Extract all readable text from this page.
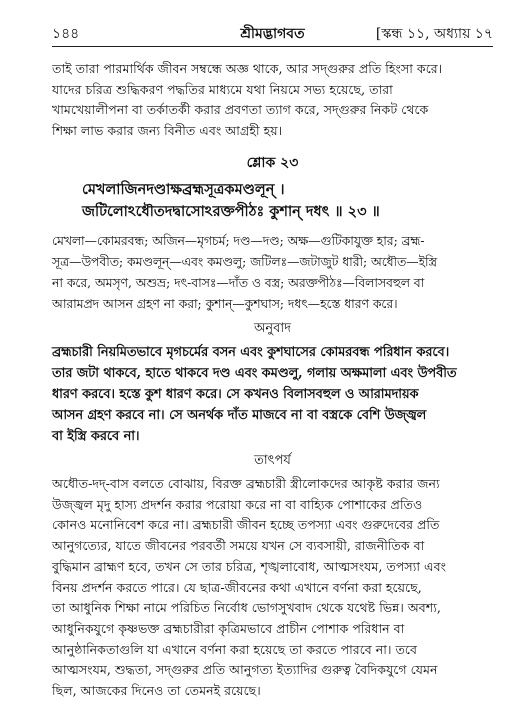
১৪৪	শ্রীমদ্ভাগবত	[স্কন্ধ ১১, অধ্যায় ১৭

তাই তারা পারমার্থিক জীবন সম্বন্ধে অজ্ঞ থাকে, আর সদ্‌গুরুর প্রতি হিংসা করে।

যাদের চরিত্র শুদ্ধিকরণ পদ্ধতির মাধ্যমে যথা নিয়মে সভ্য হয়েছে, তারা

খামখেয়ালীপনা বা তর্কাতর্কী করার প্রবণতা ত্যাগ করে, সদ্‌গুরুর নিকট থেকে

শিক্ষা লাভ করার জন্য বিনীত এবং আগ্রহী হয়।

শ্লোক ২৩
মেখলাজিনদণ্ডাক্ষব্রহ্মসূত্রকমণ্ডলূন্‌ ।
জটিলোঽধৌতদদ্বাসোঽরক্তপীঠঃ কুশান্‌ দধৎ ॥ ২৩ ॥

মেখলা—কোমরবন্ধ; অজিন—মৃগচর্ম; দণ্ড—দণ্ড; অক্ষ—গুটিকাযুক্ত হার; ব্রহ্ম-

সূত্র—উপবীত; কমণ্ডলূন্‌—এবং কমণ্ডলু; জটিলঃ—জটাজুট ধারী; অধৌত—ইস্ত্রি

না করে, অমসৃণ, অশুভ্র; দৎ-বাসঃ—দাঁত ও বস্ত্র; অরক্তপীঠঃ—বিলাসবহুল বা

আরামপ্রদ আসন গ্রহণ না করা; কুশান্‌—কুশঘাস; দধৎ—হস্তে ধারণ করে।

অনুবাদ

ব্রহ্মচারী নিয়মিতভাবে মৃগচর্মের বসন এবং কুশঘাসের কোমরবন্ধ পরিধান করবে।

তার জটা থাকবে, হাতে থাকবে দণ্ড এবং কমণ্ডলু, গলায় অক্ষমালা এবং উপবীত

ধারণ করবে। হস্তে কুশ ধারণ করে। সে কখনও বিলাসবহুল ও আরামদায়ক

আসন গ্রহণ করবে না। সে অনর্থক দাঁত মাজবে না বা বস্ত্রকে বেশি উজ্জ্বল

বা ইস্ত্রি করবে না।

তাৎপর্য

অধৌত-দদ্‌-বাস বলতে বোঝায়, বিরক্ত ব্রহ্মচারী স্ত্রীলোকদের আকৃষ্ট করার জন্য

উজ্জ্বল মৃদু হাস্য প্রদর্শন করার পরোয়া করে না বা বাহ্যিক পোশাকের প্রতিও

কোনও মনোনিবেশ করে না। ব্রহ্মচারী জীবন হচ্ছে তপস্যা এবং গুরুদেবের প্রতি

আনুগত্যের, যাতে জীবনের পরবর্তী সময়ে যখন সে ব্যবসায়ী, রাজনীতিক বা

বুদ্ধিমান ব্রাহ্মণ হবে, তখন সে তার চরিত্র, শৃঙ্খলাবোধ, আত্মসংযম, তপস্যা এবং

বিনয় প্রদর্শন করতে পারে। যে ছাত্র-জীবনের কথা এখানে বর্ণনা করা হয়েছে,

তা আধুনিক শিক্ষা নামে পরিচিত নির্বোধ ভোগসুখবাদ থেকে যথেষ্ট ভিন্ন। অবশ্য,

আধুনিকযুগে কৃষ্ণভক্ত ব্রহ্মচারীরা কৃত্রিমভাবে প্রাচীন পোশাক পরিধান বা

আনুষ্ঠানিকতাগুলি যা এখানে বর্ণনা করা হয়েছে তা করতে পারবে না। তবে

আত্মসংযম, শুদ্ধতা, সদ্‌গুরুর প্রতি আনুগত্য ইত্যাদির গুরুত্ব বৈদিকযুগে যেমন

ছিল, আজকের দিনেও তা তেমনই রয়েছে।
